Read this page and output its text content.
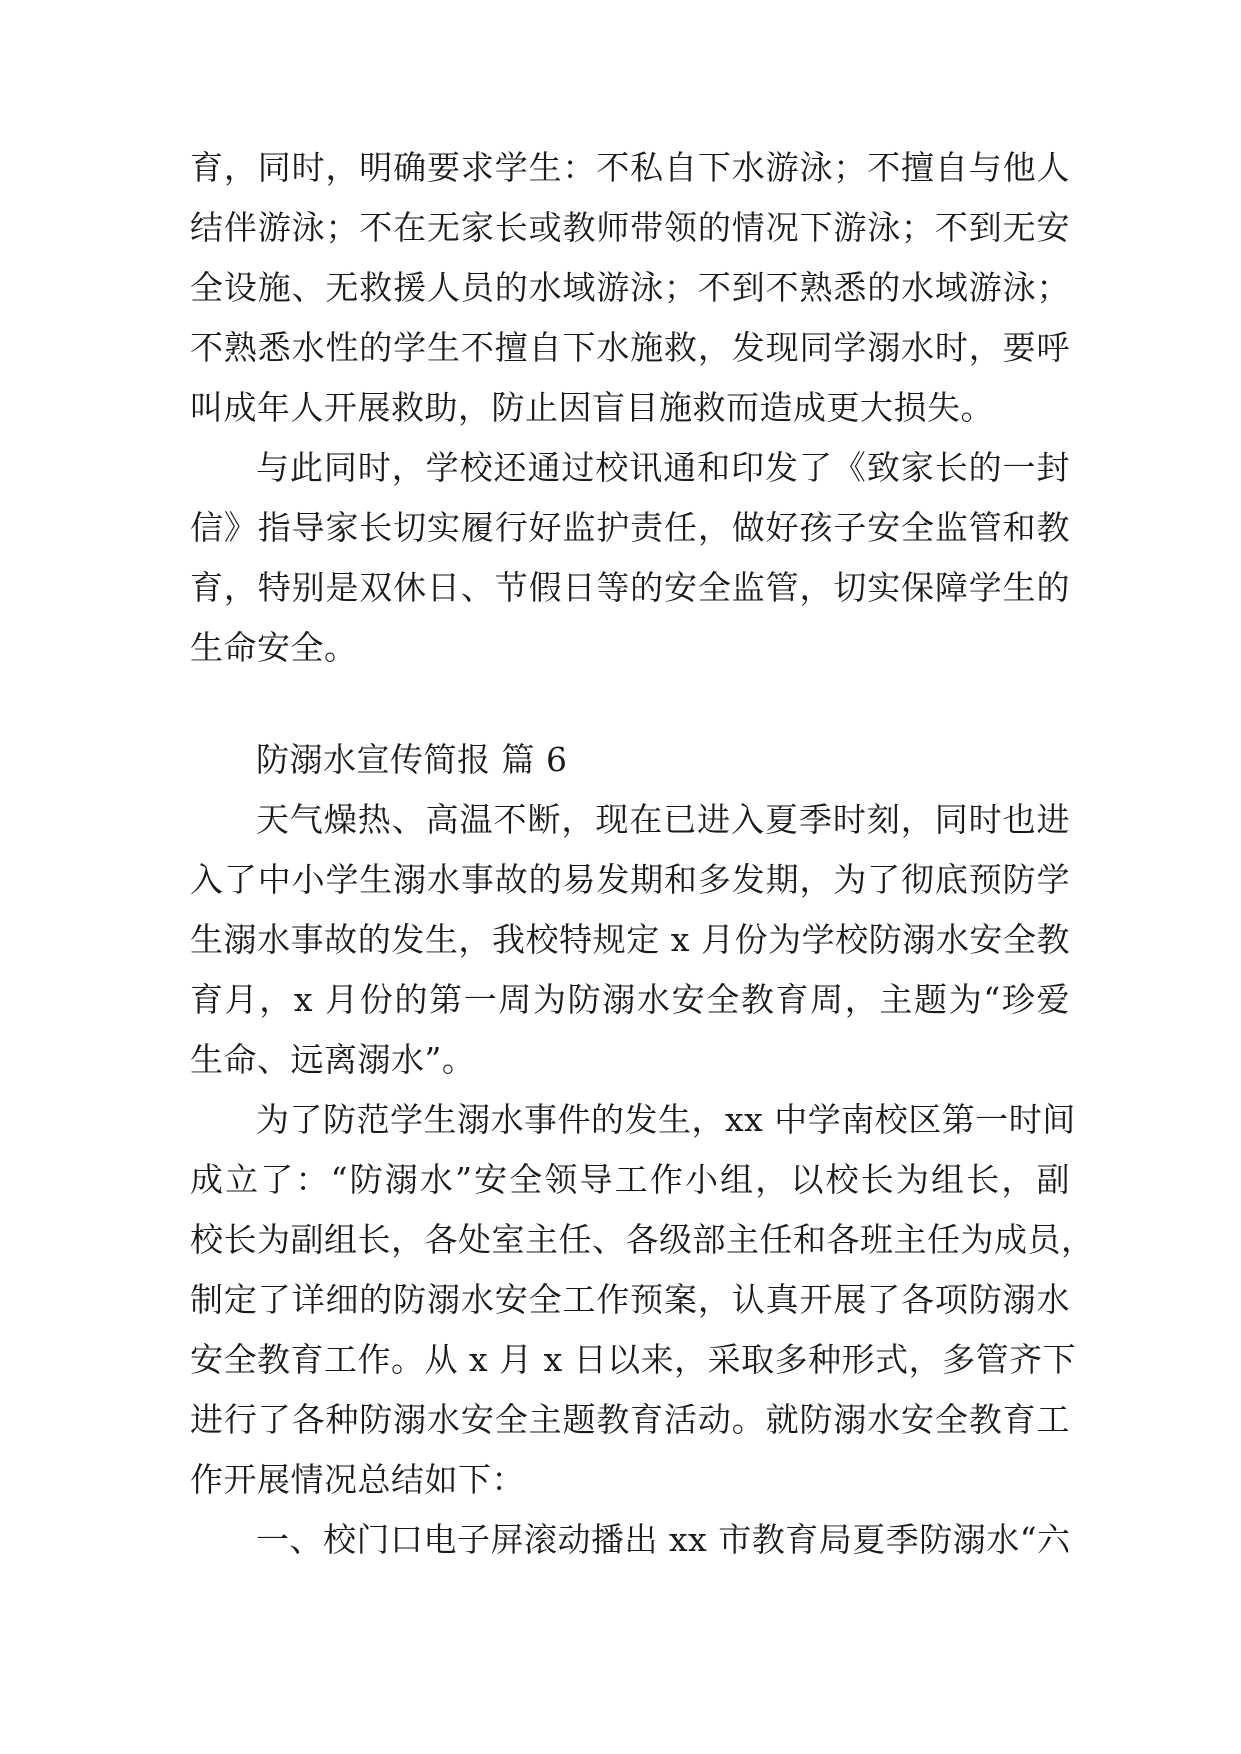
育，同时，明确要求学生：不私自下水游泳；不擅自与他人
结伴游泳；不在无家长或教师带领的情况下游泳；不到无安
全设施、无救援人员的水域游泳；不到不熟悉的水域游泳；
不熟悉水性的学生不擅自下水施救，发现同学溺水时，要呼
叫成年人开展救助，防止因盲目施救而造成更大损失。
与此同时，学校还通过校讯通和印发了《致家长的一封
信》指导家长切实履行好监护责任，做好孩子安全监管和教
育，特别是双休日、节假日等的安全监管，切实保障学生的
生命安全。
防溺水宣传简报 篇 6
天气燥热、高温不断，现在已进入夏季时刻，同时也进
入了中小学生溺水事故的易发期和多发期，为了彻底预防学
生溺水事故的发生，我校特规定 x 月份为学校防溺水安全教
育月，x 月份的第一周为防溺水安全教育周，主题为“珍爱
生命、远离溺水”。
为了防范学生溺水事件的发生，xx 中学南校区第一时间
成立了：“防溺水”安全领导工作小组，以校长为组长，副
校长为副组长，各处室主任、各级部主任和各班主任为成员，
制定了详细的防溺水安全工作预案，认真开展了各项防溺水
安全教育工作。从 x 月 x 日以来，采取多种形式，多管齐下
进行了各种防溺水安全主题教育活动。就防溺水安全教育工
作开展情况总结如下：
一、校门口电子屏滚动播出 xx 市教育局夏季防溺水“六
